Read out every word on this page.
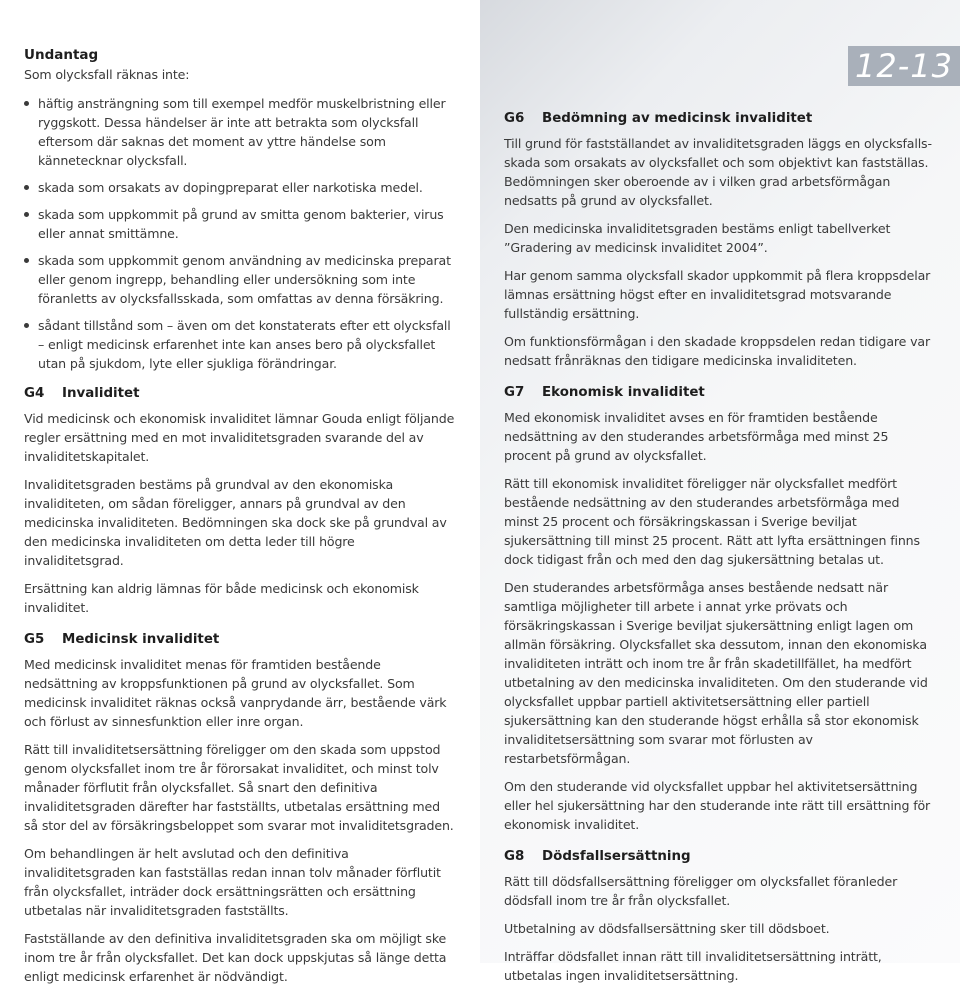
Undantag

Som olycksfall räknas inte:

häftig ansträngning som till exempel medför muskelbristning eller ryggskott. Dessa händelser är inte att betrakta som olycksfall eftersom där saknas det moment av yttre händelse som kännetecknar olycksfall.
skada som orsakats av dopingpreparat eller narkotiska medel.
skada som uppkommit på grund av smitta genom bakterier, virus eller annat smittämne.
skada som uppkommit genom användning av medicinska preparat eller genom ingrepp, behandling eller undersökning som inte föranletts av olycksfallsskada, som omfattas av denna försäkring.
sådant tillstånd som – även om det konstaterats efter ett olycksfall – enligt medicinsk erfarenhet inte kan anses bero på olycksfallet utan på sjukdom, lyte eller sjukliga förändringar.
G4	Invaliditet

Vid medicinsk och ekonomisk invaliditet lämnar Gouda enligt följande regler ersättning med en mot invaliditetsgraden svarande del av invaliditetskapitalet.

Invaliditetsgraden bestäms på grundval av den ekonomiska invaliditeten, om sådan föreligger, annars på grundval av den medicinska invaliditeten. Bedömningen ska dock ske på grundval av den medicinska invaliditeten om detta leder till högre invaliditetsgrad.

Ersättning kan aldrig lämnas för både medicinsk och ekonomisk invaliditet.

G5	Medicinsk invaliditet

Med medicinsk invaliditet menas för framtiden bestående nedsättning av kroppsfunktionen på grund av olycksfallet. Som medicinsk invaliditet räknas också vanprydande ärr, bestående värk och förlust av sinnesfunktion eller inre organ.

Rätt till invaliditetsersättning föreligger om den skada som uppstod genom olycksfallet inom tre år förorsakat invaliditet, och minst tolv månader förflutit från olycksfallet. Så snart den definitiva invaliditetsgraden därefter har fastställts, utbetalas ersättning med så stor del av försäkringsbeloppet som svarar mot invaliditetsgraden.

Om behandlingen är helt avslutad och den definitiva invaliditetsgraden kan fastställas redan innan tolv månader förflutit från olycksfallet, inträder dock ersättningsrätten och ersättning utbetalas när invaliditetsgraden fastställts.

Fastställande av den definitiva invaliditetsgraden ska om möjligt ske inom tre år från olycksfallet. Det kan dock uppskjutas så länge detta enligt medicinsk erfarenhet är nödvändigt.

12-13
G6	Bedömning av medicinsk invaliditet

Till grund för fastställandet av invaliditetsgraden läggs en olycksfallsskada som orsakats av olycksfallet och som objektivt kan fastställas. Bedömningen sker oberoende av i vilken grad arbetsförmågan nedsatts på grund av olycksfallet.

Den medicinska invaliditetsgraden bestäms enligt tabellverket ”Gradering av medicinsk invaliditet 2004”.

Har genom samma olycksfall skador uppkommit på flera kroppsdelar lämnas ersättning högst efter en invaliditetsgrad motsvarande fullständig ersättning.

Om funktionsförmågan i den skadade kroppsdelen redan tidigare var nedsatt frånräknas den tidigare medicinska invaliditeten.

G7	Ekonomisk invaliditet

Med ekonomisk invaliditet avses en för framtiden bestående nedsättning av den studerandes arbetsförmåga med minst 25 procent på grund av olycksfallet.

Rätt till ekonomisk invaliditet föreligger när olycksfallet medfört bestående nedsättning av den studerandes arbetsförmåga med minst 25 procent och försäkringskassan i Sverige beviljat sjukersättning till minst 25 procent. Rätt att lyfta ersättningen finns dock tidigast från och med den dag sjukersättning betalas ut.

Den studerandes arbetsförmåga anses bestående nedsatt när samtliga möjligheter till arbete i annat yrke prövats och försäkringskassan i Sverige beviljat sjukersättning enligt lagen om allmän försäkring. Olycksfallet ska dessutom, innan den ekonomiska invaliditeten inträtt och inom tre år från skadetillfället, ha medfört utbetalning av den medicinska invaliditeten. Om den studerande vid olycksfallet uppbar partiell aktivitetsersättning eller partiell sjukersättning kan den studerande högst erhålla så stor ekonomisk invaliditetsersättning som svarar mot förlusten av restarbetsförmågan.

Om den studerande vid olycksfallet uppbar hel aktivitetsersättning eller hel sjukersättning har den studerande inte rätt till ersättning för ekonomisk invaliditet.

G8	Dödsfallsersättning

Rätt till dödsfallsersättning föreligger om olycksfallet föranleder dödsfall inom tre år från olycksfallet.

Utbetalning av dödsfallsersättning sker till dödsboet.

Inträffar dödsfallet innan rätt till invaliditetsersättning inträtt, utbetalas ingen invaliditetsersättning.
